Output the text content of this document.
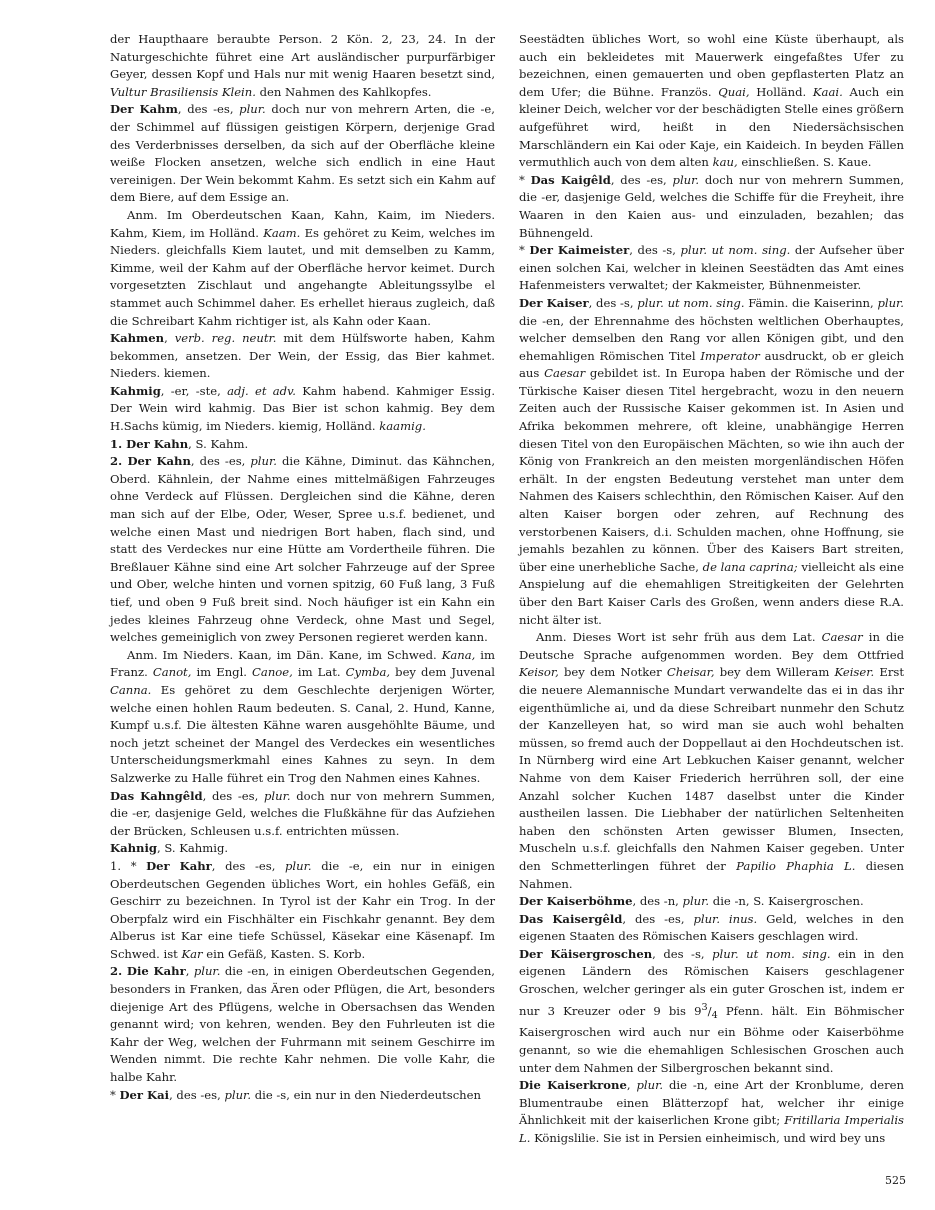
der Haupthaare beraubte Person. 2 Kön. 2, 23, 24. In der Naturgeschichte führet eine Art ausländischer purpurfärbiger Geyer, dessen Kopf und Hals nur mit wenig Haaren besetzt sind, Vultur Brasiliensis Klein. den Nahmen des Kahlkopfes.

Der Kahm, des -es, plur. doch nur von mehrern Arten, die -e, der Schimmel auf flüssigen geistigen Körpern, derjenige Grad des Verderbnisses derselben, da sich auf der Oberfläche kleine weiße Flocken ansetzen, welche sich endlich in eine Haut vereinigen. Der Wein bekommt Kahm. Es setzt sich ein Kahm auf dem Biere, auf dem Essige an.

Anm. Im Oberdeutschen Kaan, Kahn, Kaim, im Nieders. Kahm, Kiem, im Holländ. Kaam. Es gehöret zu Keim, welches im Nieders. gleichfalls Kiem lautet, und mit demselben zu Kamm, Kimme, weil der Kahm auf der Oberfläche hervor keimet. Durch vorgesetzten Zischlaut und angehangte Ableitungssylbe el stammet auch Schimmel daher. Es erhellet hieraus zugleich, daß die Schreibart Kahm richtiger ist, als Kahn oder Kaan.

Kahmen, verb. reg. neutr. mit dem Hülfsworte haben, Kahm bekommen, ansetzen. Der Wein, der Essig, das Bier kahmet. Nieders. kiemen.

Kahmig, -er, -ste, adj. et adv. Kahm habend. Kahmiger Essig. Der Wein wird kahmig. Das Bier ist schon kahmig. Bey dem H.Sachs kümig, im Nieders. kiemig, Holländ. kaamig.

1. Der Kahn, S. Kahm.

2. Der Kahn, des -es, plur. die Kähne, Diminut. das Kähnchen, Oberd. Kähnlein, der Nahme eines mittelmäßigen Fahrzeuges ohne Verdeck auf Flüssen. Dergleichen sind die Kähne, deren man sich auf der Elbe, Oder, Weser, Spree u.s.f. bedienet, und welche einen Mast und niedrigen Bort haben, flach sind, und statt des Verdeckes nur eine Hütte am Vordertheile führen. Die Breßlauer Kähne sind eine Art solcher Fahrzeuge auf der Spree und Ober, welche hinten und vornen spitzig, 60 Fuß lang, 3 Fuß tief, und oben 9 Fuß breit sind. Noch häufiger ist ein Kahn ein jedes kleines Fahrzeug ohne Verdeck, ohne Mast und Segel, welches gemeiniglich von zwey Personen regieret werden kann.

Anm. Im Nieders. Kaan, im Dän. Kane, im Schwed. Kana, im Franz. Canot, im Engl. Canoe, im Lat. Cymba, bey dem Juvenal Canna. Es gehöret zu dem Geschlechte derjenigen Wörter, welche einen hohlen Raum bedeuten. S. Canal, 2. Hund, Kanne, Kumpf u.s.f. Die ältesten Kähne waren ausgehöhlte Bäume, und noch jetzt scheinet der Mangel des Verdeckes ein wesentliches Unterscheidungsmerkmahl eines Kahnes zu seyn. In dem Salzwerke zu Halle führet ein Trog den Nahmen eines Kahnes.

Das Kahngêld, des -es, plur. doch nur von mehrern Summen, die -er, dasjenige Geld, welches die Flußkähne für das Aufziehen der Brücken, Schleusen u.s.f. entrichten müssen.

Kahnig, S. Kahmig.

1. * Der Kahr, des -es, plur. die -e, ein nur in einigen Oberdeutschen Gegenden übliches Wort, ein hohles Gefäß, ein Geschirr zu bezeichnen. In Tyrol ist der Kahr ein Trog. In der Oberpfalz wird ein Fischhälter ein Fischkahr genannt. Bey dem Alberus ist Kar eine tiefe Schüssel, Käsekar eine Käsenapf. Im Schwed. ist Kar ein Gefäß, Kasten. S. Korb.

2. Die Kahr, plur. die -en, in einigen Oberdeutschen Gegenden, besonders in Franken, das Ären oder Pflügen, die Art, besonders diejenige Art des Pflügens, welche in Obersachsen das Wenden genannt wird; von kehren, wenden. Bey den Fuhrleuten ist die Kahr der Weg, welchen der Fuhrmann mit seinem Geschirre im Wenden nimmt. Die rechte Kahr nehmen. Die volle Kahr, die halbe Kahr.

* Der Kai, des -es, plur. die -s, ein nur in den Niederdeutschen

Seestädten übliches Wort, so wohl eine Küste überhaupt, als auch ein bekleidetes mit Mauerwerk eingefaßtes Ufer zu bezeichnen, einen gemauerten und oben gepflasterten Platz an dem Ufer; die Bühne. Französ. Quai, Holländ. Kaai. Auch ein kleiner Deich, welcher vor der beschädigten Stelle eines größern aufgeführet wird, heißt in den Niedersächsischen Marschländern ein Kai oder Kaje, ein Kaideich. In beyden Fällen vermuthlich auch von dem alten kau, einschließen. S. Kaue.

* Das Kaigêld, des -es, plur. doch nur von mehrern Summen, die -er, dasjenige Geld, welches die Schiffe für die Freyheit, ihre Waaren in den Kaien aus- und einzuladen, bezahlen; das Bühnengeld.

* Der Kaimeister, des -s, plur. ut nom. sing. der Aufseher über einen solchen Kai, welcher in kleinen Seestädten das Amt eines Hafenmeisters verwaltet; der Kakmeister, Bühnenmeister.

Der Kaiser, des -s, plur. ut nom. sing. Fämin. die Kaiserinn, plur. die -en, der Ehrennahme des höchsten weltlichen Oberhauptes, welcher demselben den Rang vor allen Königen gibt, und den ehemahligen Römischen Titel Imperator ausdruckt, ob er gleich aus Caesar gebildet ist. In Europa haben der Römische und der Türkische Kaiser diesen Titel hergebracht, wozu in den neuern Zeiten auch der Russische Kaiser gekommen ist. In Asien und Afrika bekommen mehrere, oft kleine, unabhängige Herren diesen Titel von den Europäischen Mächten, so wie ihn auch der König von Frankreich an den meisten morgenländischen Höfen erhält. In der engsten Bedeutung verstehet man unter dem Nahmen des Kaisers schlechthin, den Römischen Kaiser. Auf den alten Kaiser borgen oder zehren, auf Rechnung des verstorbenen Kaisers, d.i. Schulden machen, ohne Hoffnung, sie jemahls bezahlen zu können. Über des Kaisers Bart streiten, über eine unerhebliche Sache, de lana caprina; vielleicht als eine Anspielung auf die ehemahligen Streitigkeiten der Gelehrten über den Bart Kaiser Carls des Großen, wenn anders diese R.A. nicht älter ist.

Anm. Dieses Wort ist sehr früh aus dem Lat. Caesar in die Deutsche Sprache aufgenommen worden. Bey dem Ottfried Keisor, bey dem Notker Cheisar, bey dem Willeram Keiser. Erst die neuere Alemannische Mundart verwandelte das ei in das ihr eigenthümliche ai, und da diese Schreibart nunmehr den Schutz der Kanzelleyen hat, so wird man sie auch wohl behalten müssen, so fremd auch der Doppellaut ai den Hochdeutschen ist. In Nürnberg wird eine Art Lebkuchen Kaiser genannt, welcher Nahme von dem Kaiser Friederich herrühren soll, der eine Anzahl solcher Kuchen 1487 daselbst unter die Kinder austheilen lassen. Die Liebhaber der natürlichen Seltenheiten haben den schönsten Arten gewisser Blumen, Insecten, Muscheln u.s.f. gleichfalls den Nahmen Kaiser gegeben. Unter den Schmetterlingen führet der Papilio Phaphia L. diesen Nahmen.

Der Kaiserböhme, des -n, plur. die -n, S. Kaisergroschen.

Das Kaisergêld, des -es, plur. inus. Geld, welches in den eigenen Staaten des Römischen Kaisers geschlagen wird.

Der Käisergroschen, des -s, plur. ut nom. sing. ein in den eigenen Ländern des Römischen Kaisers geschlagener Groschen, welcher geringer als ein guter Groschen ist, indem er nur 3 Kreuzer oder 9 bis $9^3/_4$ Pfenn. hält. Ein Böhmischer Kaisergroschen wird auch nur ein Böhme oder Kaiserböhme genannt, so wie die ehemahligen Schlesischen Groschen auch unter dem Nahmen der Silbergroschen bekannt sind.

Die Kaiserkrone, plur. die -n, eine Art der Kronblume, deren Blumentraube einen Blätterzopf hat, welcher ihr einige Ähnlichkeit mit der kaiserlichen Krone gibt; Fritillaria Imperialis L. Königslilie. Sie ist in Persien einheimisch, und wird bey uns

525
